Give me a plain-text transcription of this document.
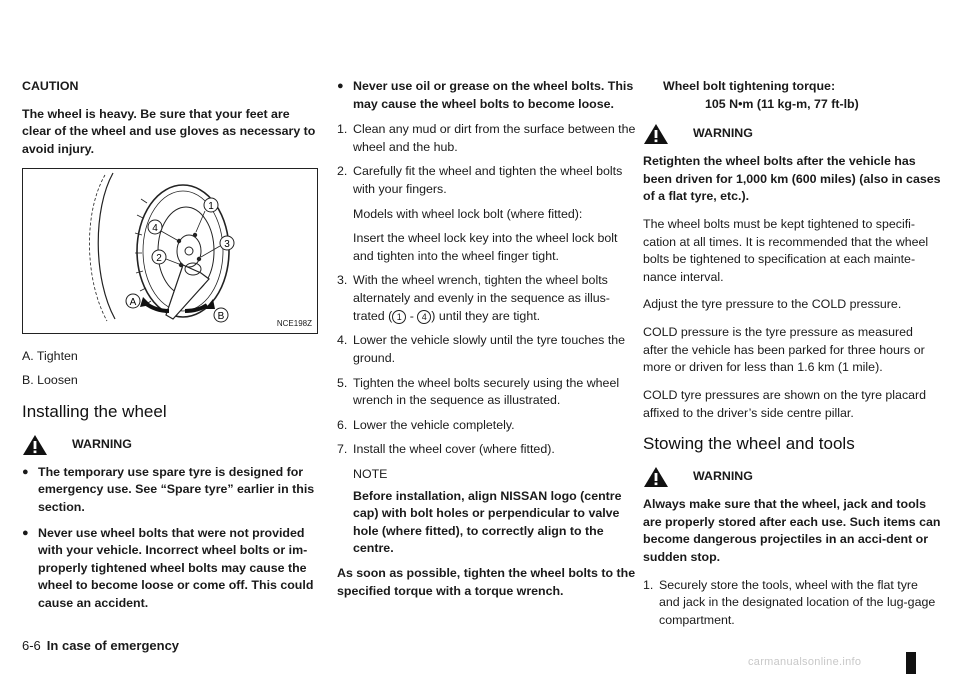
CAUTION

The wheel is heavy. Be sure that your feet are clear of the wheel and use gloves as necessary to avoid injury.

1
4
3
2
A
B
NCE198Z

A. Tighten

B. Loosen

Installing the wheel
WARNING
● The temporary use spare tyre is designed for emergency use. See “Spare tyre” earlier in this section.
● Never use wheel bolts that were not provided with your vehicle. Incorrect wheel bolts or im-properly tightened wheel bolts may cause the wheel to become loose or come off. This could cause an accident.
● Never use oil or grease on the wheel bolts. This may cause the wheel bolts to become loose.
1. Clean any mud or dirt from the surface between the wheel and the hub.
2. Carefully fit the wheel and tighten the wheel bolts with your fingers.

Models with wheel lock bolt (where fitted):

Insert the wheel lock key into the wheel lock bolt and tighten into the wheel finger tight.

3. With the wheel wrench, tighten the wheel bolts alternately and evenly in the sequence as illus-trated ( 1 - 4 ) until they are tight.
4. Lower the vehicle slowly until the tyre touches the ground.
5. Tighten the wheel bolts securely using the wheel wrench in the sequence as illustrated.
6. Lower the vehicle completely.
7. Install the wheel cover (where fitted).

NOTE

Before installation, align NISSAN logo (centre cap) with bolt holes or perpendicular to valve hole (where fitted), to correctly align to the centre.

As soon as possible, tighten the wheel bolts to the specified torque with a torque wrench.

Wheel bolt tightening torque:
105 N•m (11 kg-m, 77 ft-lb)
WARNING

Retighten the wheel bolts after the vehicle has been driven for 1,000 km (600 miles) (also in cases of a flat tyre, etc.).

The wheel bolts must be kept tightened to specifi-cation at all times. It is recommended that the wheel bolts be tightened to specification at each mainte-nance interval.

Adjust the tyre pressure to the COLD pressure.

COLD pressure is the tyre pressure as measured after the vehicle has been parked for three hours or more or driven for less than 1.6 km (1 mile).

COLD tyre pressures are shown on the tyre placard affixed to the driver’s side centre pillar.

Stowing the wheel and tools
WARNING

Always make sure that the wheel, jack and tools are properly stored after each use. Such items can become dangerous projectiles in an acci-dent or sudden stop.

1. Securely store the tools, wheel with the flat tyre and jack in the designated location of the lug-gage compartment.
6-6 In case of emergency
carmanualsonline.info
